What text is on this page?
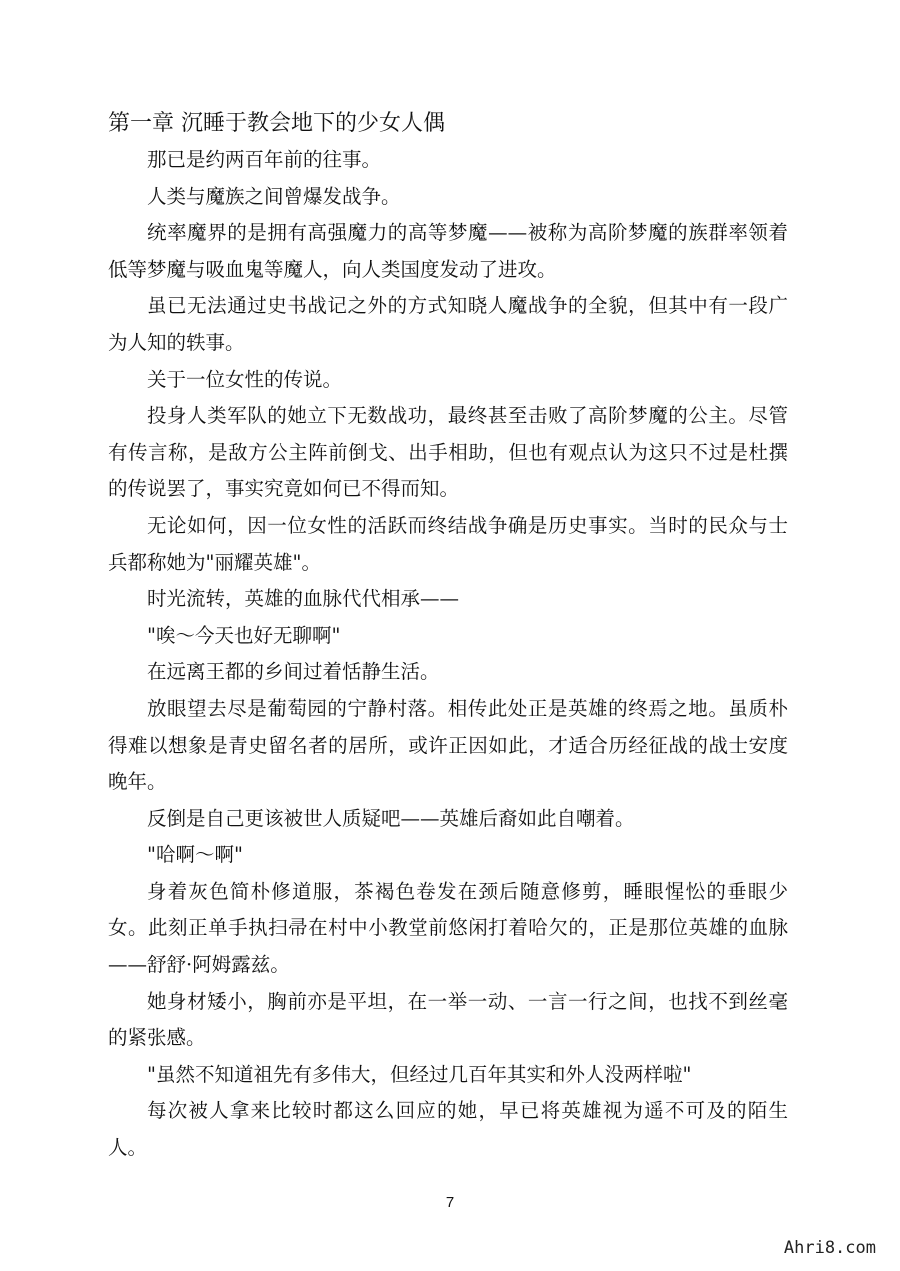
第一章 沉睡于教会地下的少女人偶

那已是约两百年前的往事。

人类与魔族之间曾爆发战争。

统率魔界的是拥有高强魔力的高等梦魔——被称为高阶梦魔的族群率领着低等梦魔与吸血鬼等魔人，向人类国度发动了进攻。

虽已无法通过史书战记之外的方式知晓人魔战争的全貌，但其中有一段广为人知的轶事。

关于一位女性的传说。

投身人类军队的她立下无数战功，最终甚至击败了高阶梦魔的公主。尽管有传言称，是敌方公主阵前倒戈、出手相助，但也有观点认为这只不过是杜撰的传说罢了，事实究竟如何已不得而知。

无论如何，因一位女性的活跃而终结战争确是历史事实。当时的民众与士兵都称她为"丽耀英雄"。

时光流转，英雄的血脉代代相承——

"唉～今天也好无聊啊"

在远离王都的乡间过着恬静生活。

放眼望去尽是葡萄园的宁静村落。相传此处正是英雄的终焉之地。虽质朴得难以想象是青史留名者的居所，或许正因如此，才适合历经征战的战士安度晚年。

反倒是自己更该被世人质疑吧——英雄后裔如此自嘲着。

"哈啊～啊"

身着灰色简朴修道服，茶褐色卷发在颈后随意修剪，睡眼惺忪的垂眼少女。此刻正单手执扫帚在村中小教堂前悠闲打着哈欠的，正是那位英雄的血脉——舒舒·阿姆露兹。

她身材矮小，胸前亦是平坦，在一举一动、一言一行之间，也找不到丝毫的紧张感。

"虽然不知道祖先有多伟大，但经过几百年其实和外人没两样啦"

每次被人拿来比较时都这么回应的她，早已将英雄视为遥不可及的陌生人。

7
Ahri8.com
